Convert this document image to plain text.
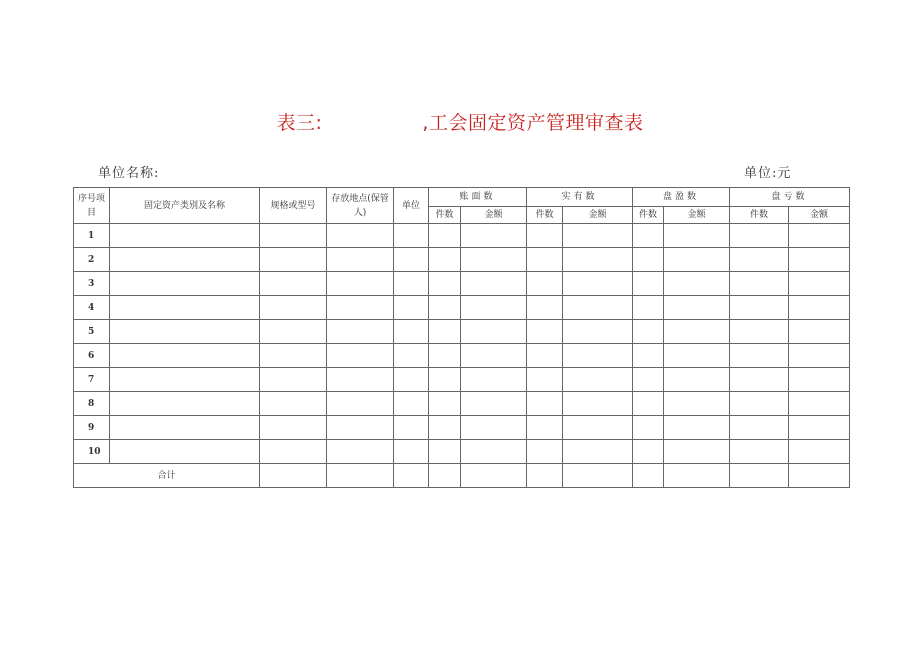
表三:	,工会固定资产管理审查表
单位名称:	单位:元
序号项目	固定资产类别及名称	规格或型号	存放地点(保管人)	单位	账面数		实有数		盘盈数		盘亏数	
					件数	金额	件数	金额	件数	金额	件数	金额
1												
2												
3												
4												
5												
6												
7												
8												
9												
10												
合计												
